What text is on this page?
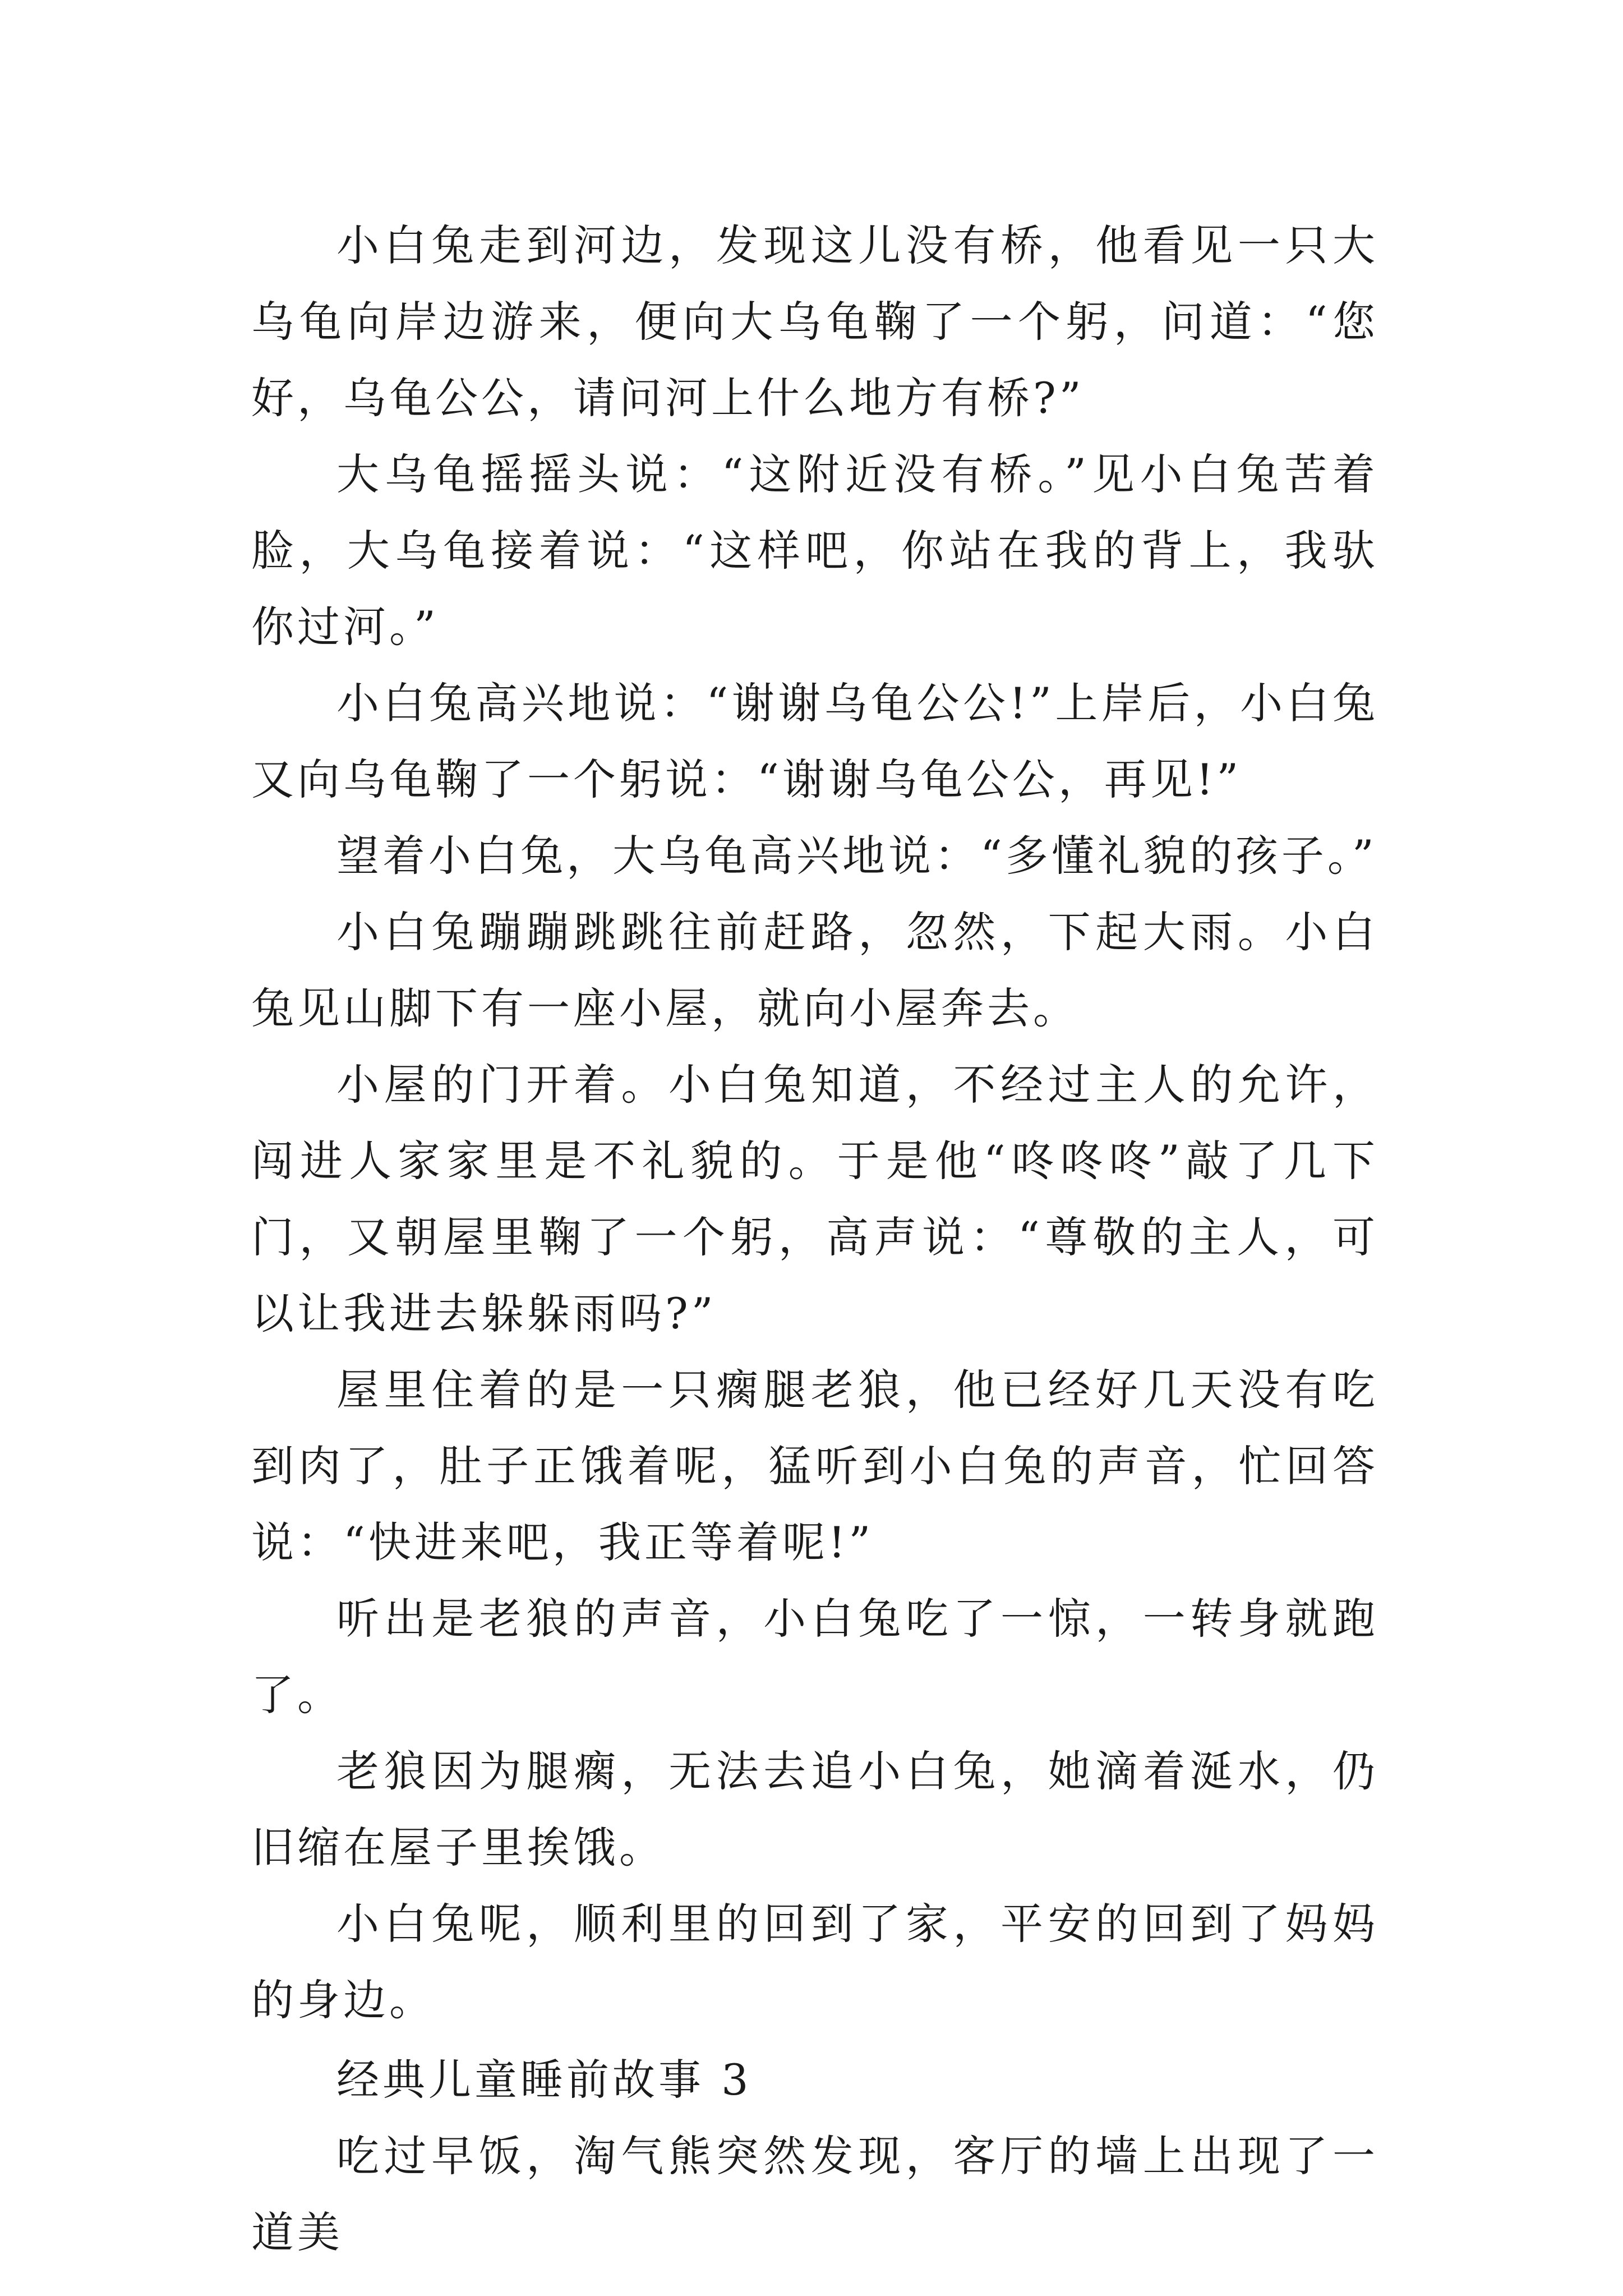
小白兔走到河边，发现这儿没有桥，他看见一只大乌龟向岸边游来，便向大乌龟鞠了一个躬，问道：“您好，乌龟公公，请问河上什么地方有桥?”

大乌龟摇摇头说：“这附近没有桥。”见小白兔苦着脸，大乌龟接着说：“这样吧，你站在我的背上，我驮你过河。”

小白兔高兴地说：“谢谢乌龟公公!”上岸后，小白兔又向乌龟鞠了一个躬说：“谢谢乌龟公公，再见!”

望着小白兔，大乌龟高兴地说：“多懂礼貌的孩子。”

小白兔蹦蹦跳跳往前赶路，忽然，下起大雨。小白兔见山脚下有一座小屋，就向小屋奔去。

小屋的门开着。小白兔知道，不经过主人的允许，闯进人家家里是不礼貌的。于是他“咚咚咚”敲了几下门，又朝屋里鞠了一个躬，高声说：“尊敬的主人，可以让我进去躲躲雨吗?”

屋里住着的是一只瘸腿老狼，他已经好几天没有吃到肉了，肚子正饿着呢，猛听到小白兔的声音，忙回答说：“快进来吧，我正等着呢!”

听出是老狼的声音，小白兔吃了一惊，一转身就跑了。

老狼因为腿瘸，无法去追小白兔，她滴着涎水，仍旧缩在屋子里挨饿。

小白兔呢，顺利里的回到了家，平安的回到了妈妈的身边。

经典儿童睡前故事 3

吃过早饭，淘气熊突然发现，客厅的墙上出现了一道美
